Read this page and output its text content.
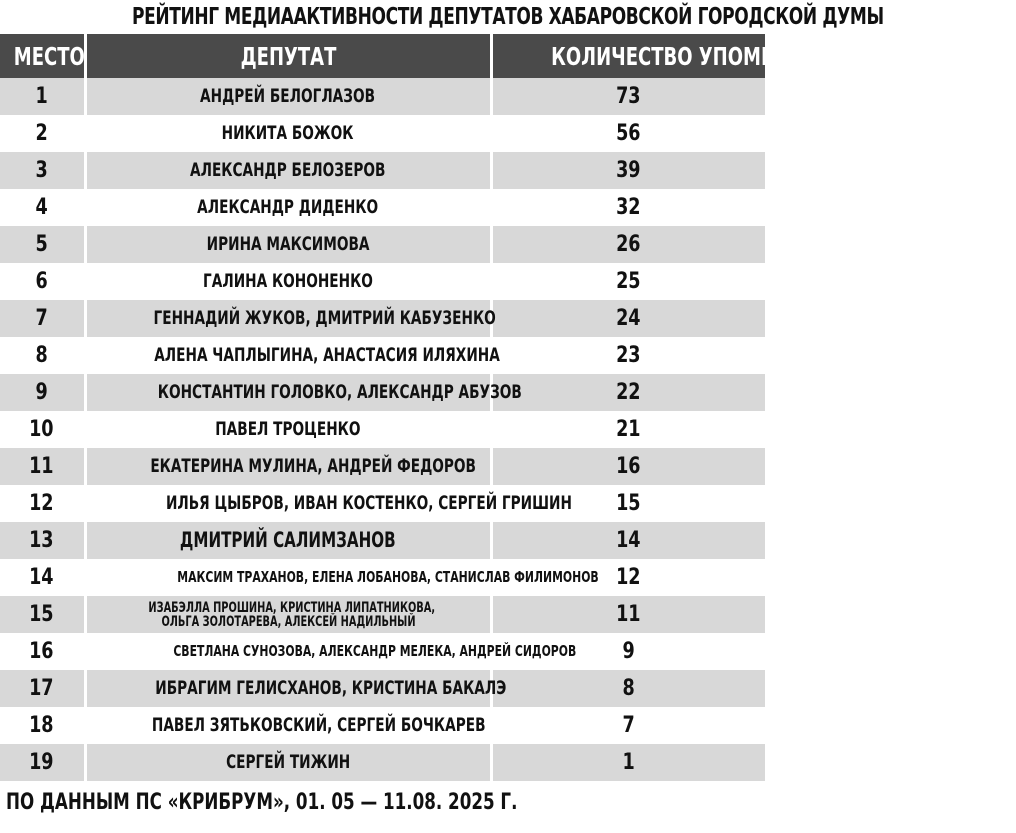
РЕЙТИНГ МЕДИААКТИВНОСТИ ДЕПУТАТОВ ХАБАРОВСКОЙ ГОРОДСКОЙ ДУМЫ
МЕСТО	ДЕПУТАТ	КОЛИЧЕСТВО УПОМИНАНИЙ
1	АНДРЕЙ БЕЛОГЛАЗОВ	73
2	НИКИТА БОЖОК	56
3	АЛЕКСАНДР БЕЛОЗЕРОВ	39
4	АЛЕКСАНДР ДИДЕНКО	32
5	ИРИНА МАКСИМОВА	26
6	ГАЛИНА КОНОНЕНКО	25
7	ГЕННАДИЙ ЖУКОВ, ДМИТРИЙ КАБУЗЕНКО	24
8	АЛЕНА ЧАПЛЫГИНА, АНАСТАСИЯ ИЛЯХИНА	23
9	КОНСТАНТИН ГОЛОВКО, АЛЕКСАНДР АБУЗОВ	22
10	ПАВЕЛ ТРОЦЕНКО	21
11	ЕКАТЕРИНА МУЛИНА, АНДРЕЙ ФЕДОРОВ	16
12	ИЛЬЯ ЦЫБРОВ, ИВАН КОСТЕНКО, СЕРГЕЙ ГРИШИН	15
13	ДМИТРИЙ САЛИМЗАНОВ	14
14	МАКСИМ ТРАХАНОВ, ЕЛЕНА ЛОБАНОВА, СТАНИСЛАВ ФИЛИМОНОВ	12
15	ИЗАБЭЛЛА ПРОШИНА, КРИСТИНА ЛИПАТНИКОВА,
ОЛЬГА ЗОЛОТАРЕВА, АЛЕКСЕЙ НАДИЛЬНЫЙ	11
16	СВЕТЛАНА СУНОЗОВА, АЛЕКСАНДР МЕЛЕКА, АНДРЕЙ СИДОРОВ	9
17	ИБРАГИМ ГЕЛИСХАНОВ, КРИСТИНА БАКАЛЭ	8
18	ПАВЕЛ ЗЯТЬКОВСКИЙ, СЕРГЕЙ БОЧКАРЕВ	7
19	СЕРГЕЙ ТИЖИН	1
ПО ДАННЫМ ПС «КРИБРУМ», 01. 05 — 11.08. 2025 Г.
